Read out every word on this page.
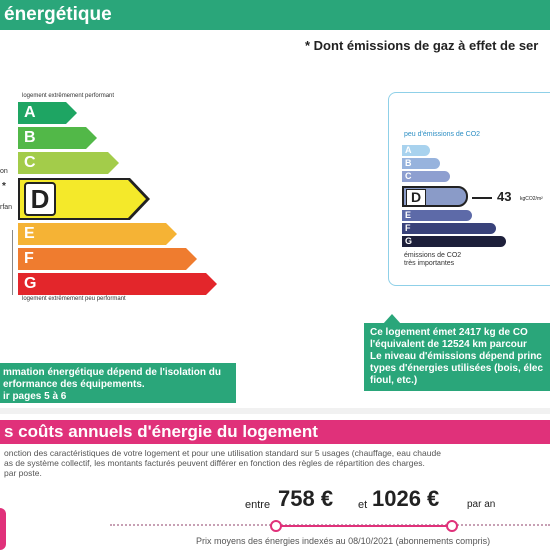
énergétique
* Dont émissions de gaz à effet de ser
logement extrêmement performant
A
B
C
D
E
F
G
logement extrêmement peu performant
on
*
rfan
peu d'émissions de CO2
A
B
C
D	43 kgCO2/m²
E
F
G
émissions de CO2
très importantes
mmation énergétique dépend de l'isolation du
erformance des équipements.
ir pages 5 à 6
Ce logement émet 2417 kg de CO
l'équivalent de 12524 km parcour
Le niveau d'émissions dépend princ
types d'énergies utilisées (bois, élec
fioul, etc.)
s coûts annuels d'énergie du logement
onction des caractéristiques de votre logement et pour une utilisation standard sur 5 usages (chauffage, eau chaude
as de système collectif, les montants facturés peuvent différer en fonction des règles de répartition des charges.
par poste.
entre 758 € et 1026 €	par an
Prix moyens des énergies indexés au 08/10/2021 (abonnements compris)
